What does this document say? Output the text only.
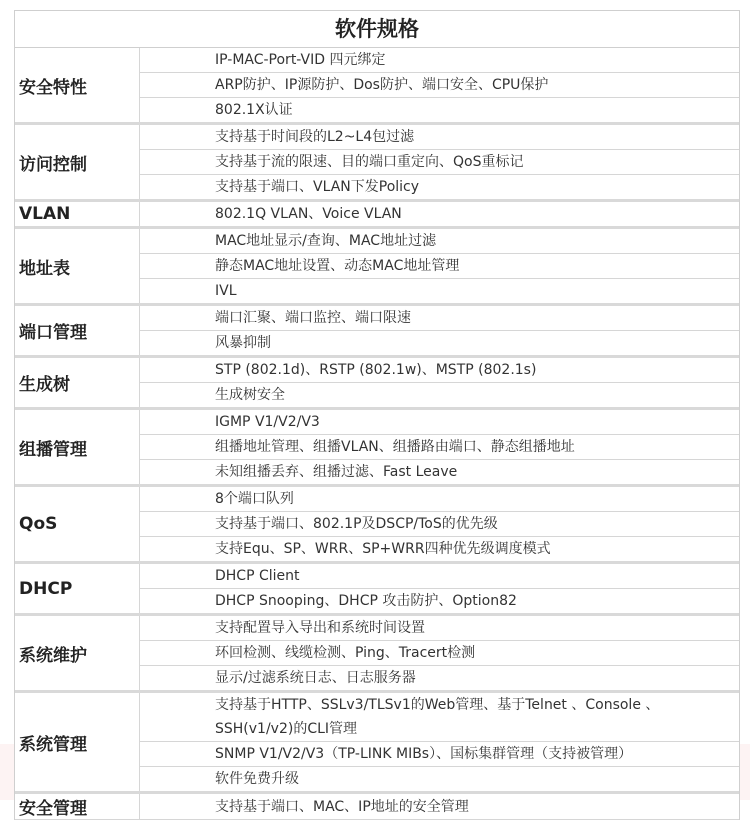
软件规格
安全特性	IP-MAC-Port-VID 四元绑定
	ARP防护、IP源防护、Dos防护、端口安全、CPU保护
	802.1X认证
访问控制	支持基于时间段的L2~L4包过滤
	支持基于流的限速、目的端口重定向、QoS重标记
	支持基于端口、VLAN下发Policy
VLAN	802.1Q VLAN、Voice VLAN
地址表	MAC地址显示/查询、MAC地址过滤
	静态MAC地址设置、动态MAC地址管理
	IVL
端口管理	端口汇聚、端口监控、端口限速
	风暴抑制
生成树	STP (802.1d)、RSTP (802.1w)、MSTP (802.1s)
	生成树安全
组播管理	IGMP V1/V2/V3
	组播地址管理、组播VLAN、组播路由端口、静态组播地址
	未知组播丢弃、组播过滤、Fast Leave
QoS	8个端口队列
	支持基于端口、802.1P及DSCP/ToS的优先级
	支持Equ、SP、WRR、SP+WRR四种优先级调度模式
DHCP	DHCP Client
	DHCP Snooping、DHCP 攻击防护、Option82
系统维护	支持配置导入导出和系统时间设置
	环回检测、线缆检测、Ping、Tracert检测
	显示/过滤系统日志、日志服务器
系统管理	支持基于HTTP、SSLv3/TLSv1的Web管理、基于Telnet 、Console 、SSH(v1/v2)的CLI管理
	SNMP V1/V2/V3（TP-LINK MIBs）、国标集群管理（支持被管理）
	软件免费升级
安全管理	支持基于端口、MAC、IP地址的安全管理
